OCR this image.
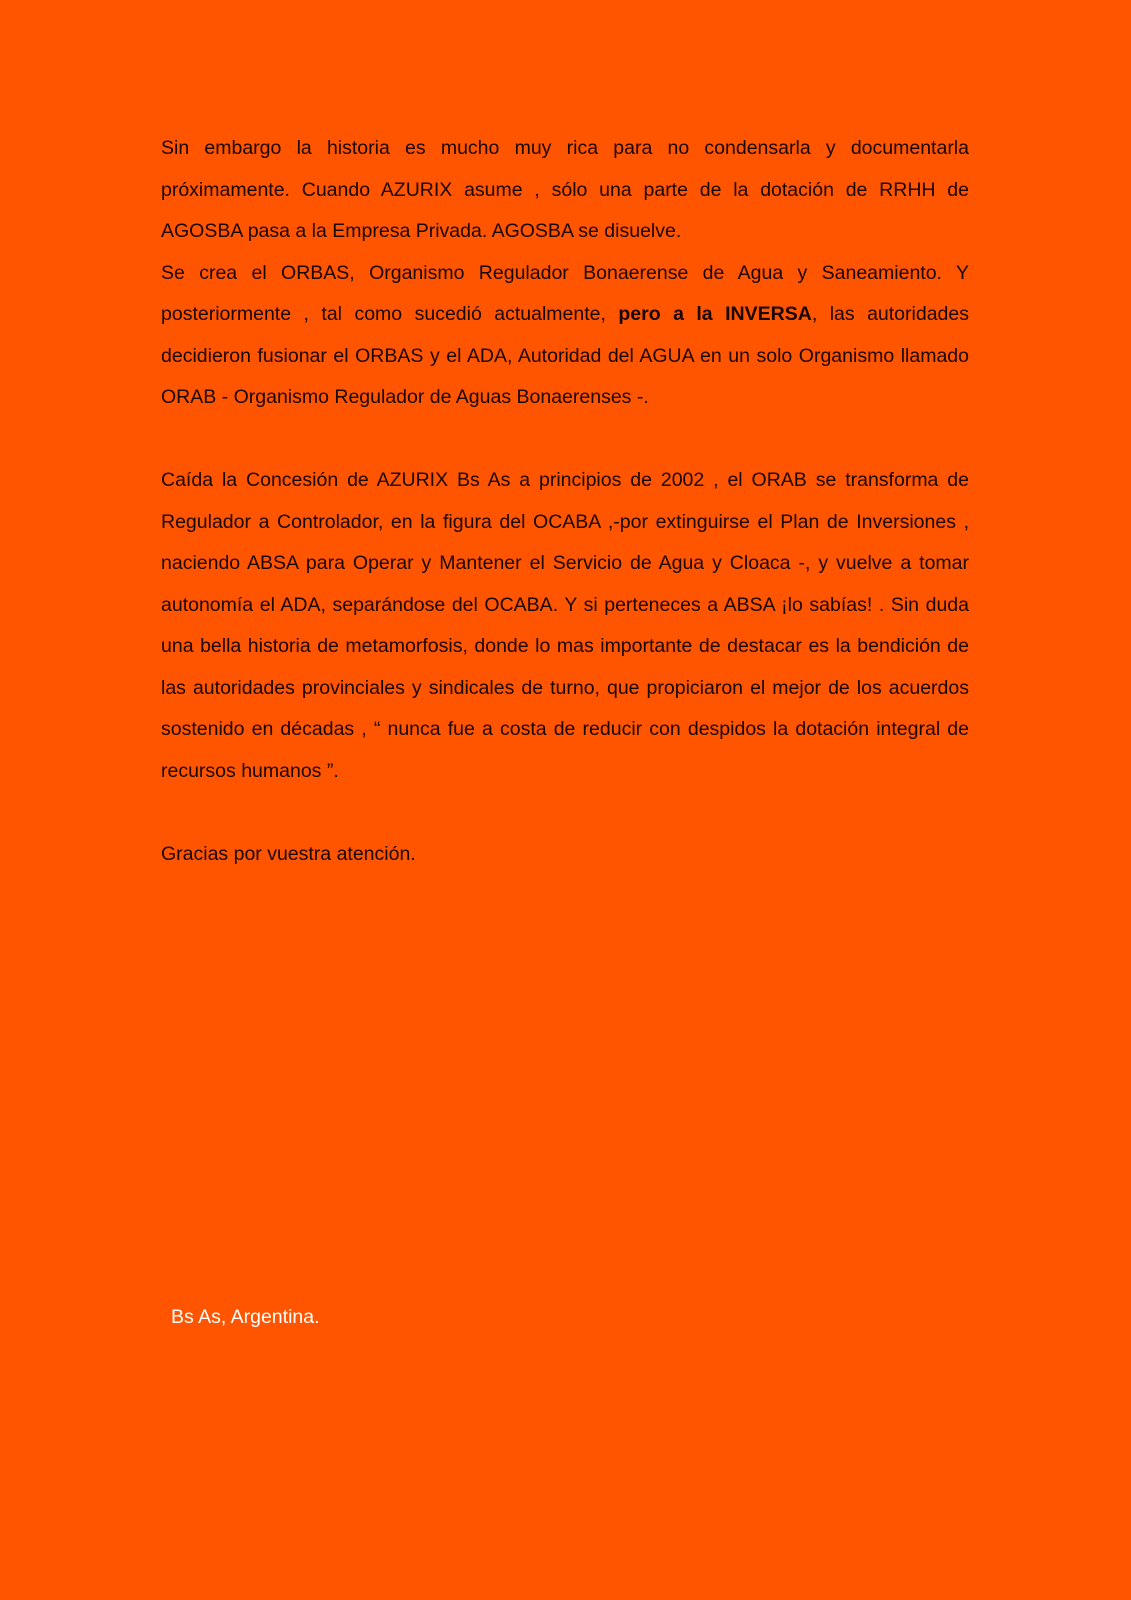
Sin embargo la historia es mucho muy rica para no condensarla y documentarla próximamente. Cuando AZURIX asume , sólo una parte de la dotación de RRHH de AGOSBA pasa a la Empresa Privada. AGOSBA se disuelve.

Se crea el ORBAS, Organismo Regulador Bonaerense de Agua y Saneamiento. Y posteriormente , tal como sucedió actualmente, pero a la INVERSA, las autoridades decidieron fusionar el ORBAS y el ADA, Autoridad del AGUA en un solo Organismo llamado ORAB - Organismo Regulador de Aguas Bonaerenses -.

Caída la Concesión de AZURIX Bs As a principios de 2002 , el ORAB se transforma de Regulador a Controlador, en la figura del OCABA ,-por extinguirse el Plan de Inversiones , naciendo ABSA para Operar y Mantener el Servicio de Agua y Cloaca -, y vuelve a tomar autonomía el ADA, separándose del OCABA. Y si perteneces a ABSA ¡lo sabías! . Sin duda una bella historia de metamorfosis, donde lo mas importante de destacar es la bendición de las autoridades provinciales y sindicales de turno, que propiciaron el mejor de los acuerdos sostenido en décadas , “ nunca fue a costa de reducir con despidos la dotación integral de recursos humanos ”.

Gracias por vuestra atención.

Bs As, Argentina.
